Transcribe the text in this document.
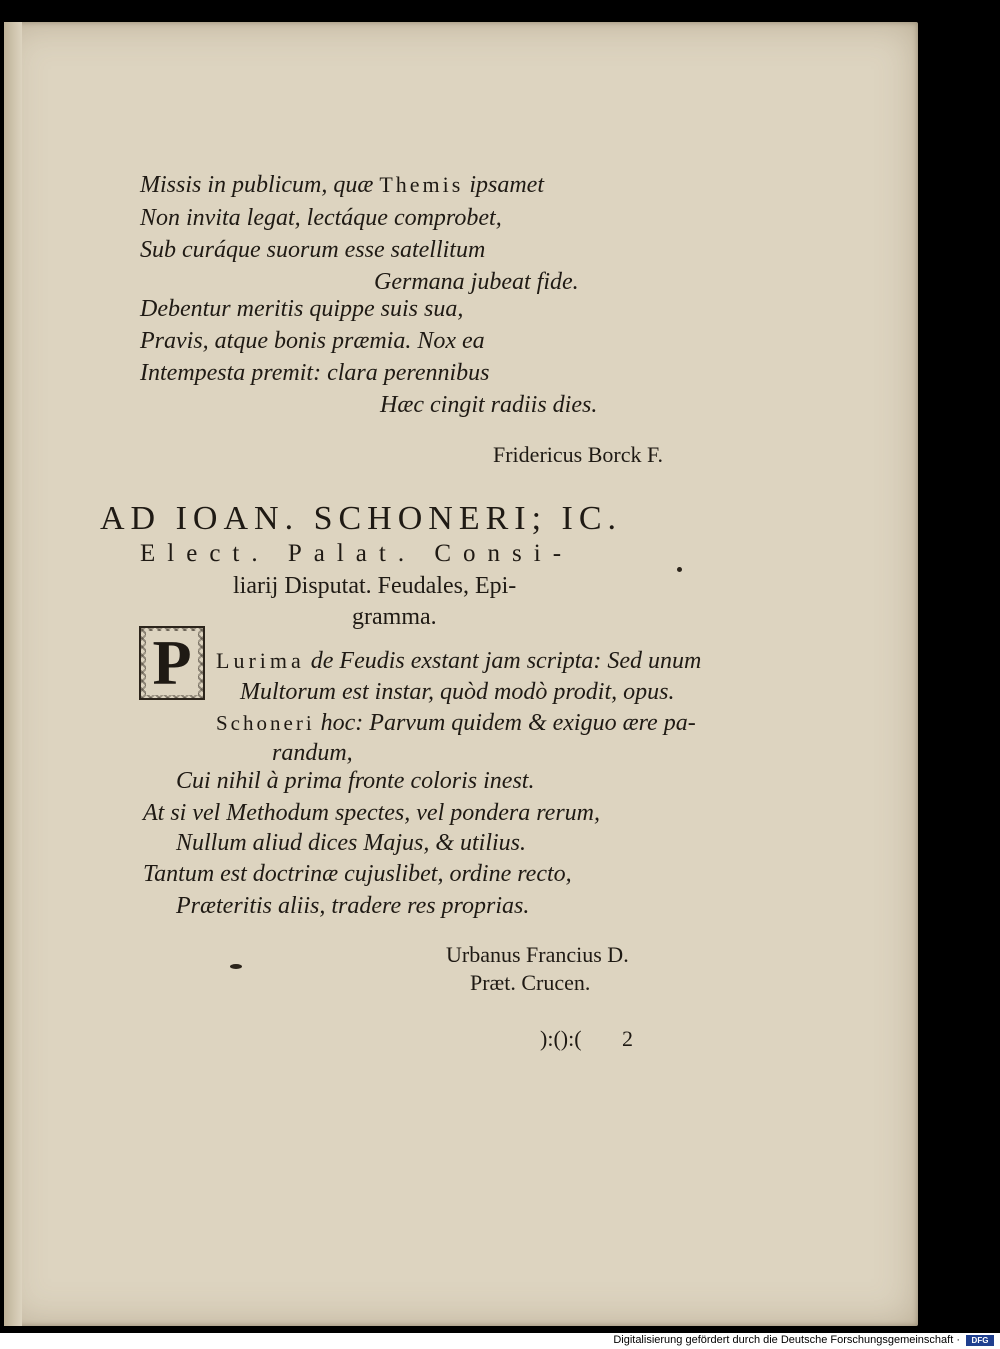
Missis in publicum, quæ Themis ipsamet
Non invita legat, lectáque comprobet,
Sub curáque suorum esse satellitum
Germana jubeat fide.
Debentur meritis quippe suis sua,
Pravis, atque bonis præmia. Nox ea
Intempesta premit: clara perennibus
Hæc cingit radiis dies.
Fridericus Borck F.
AD IOAN. SCHONERI; IC.
Elect. Palat. Consi-
liarij Disputat. Feudales, Epi-
gramma.
P Lurima de Feudis exstant jam scripta: Sed unum
Multorum est instar, quòd modò prodit, opus.
Schoneri hoc: Parvum quidem & exiguo ære pa-
randum,
Cui nihil à prima fronte coloris inest.
At si vel Methodum spectes, vel pondera rerum,
Nullum aliud dices Majus, & utilius.
Tantum est doctrinæ cujuslibet, ordine recto,
Præteritis aliis, tradere res proprias.
Urbanus Francius D.
Præt. Crucen.
):():( 2
Digitalisierung gefördert durch die Deutsche Forschungsgemeinschaft ·	DFG
